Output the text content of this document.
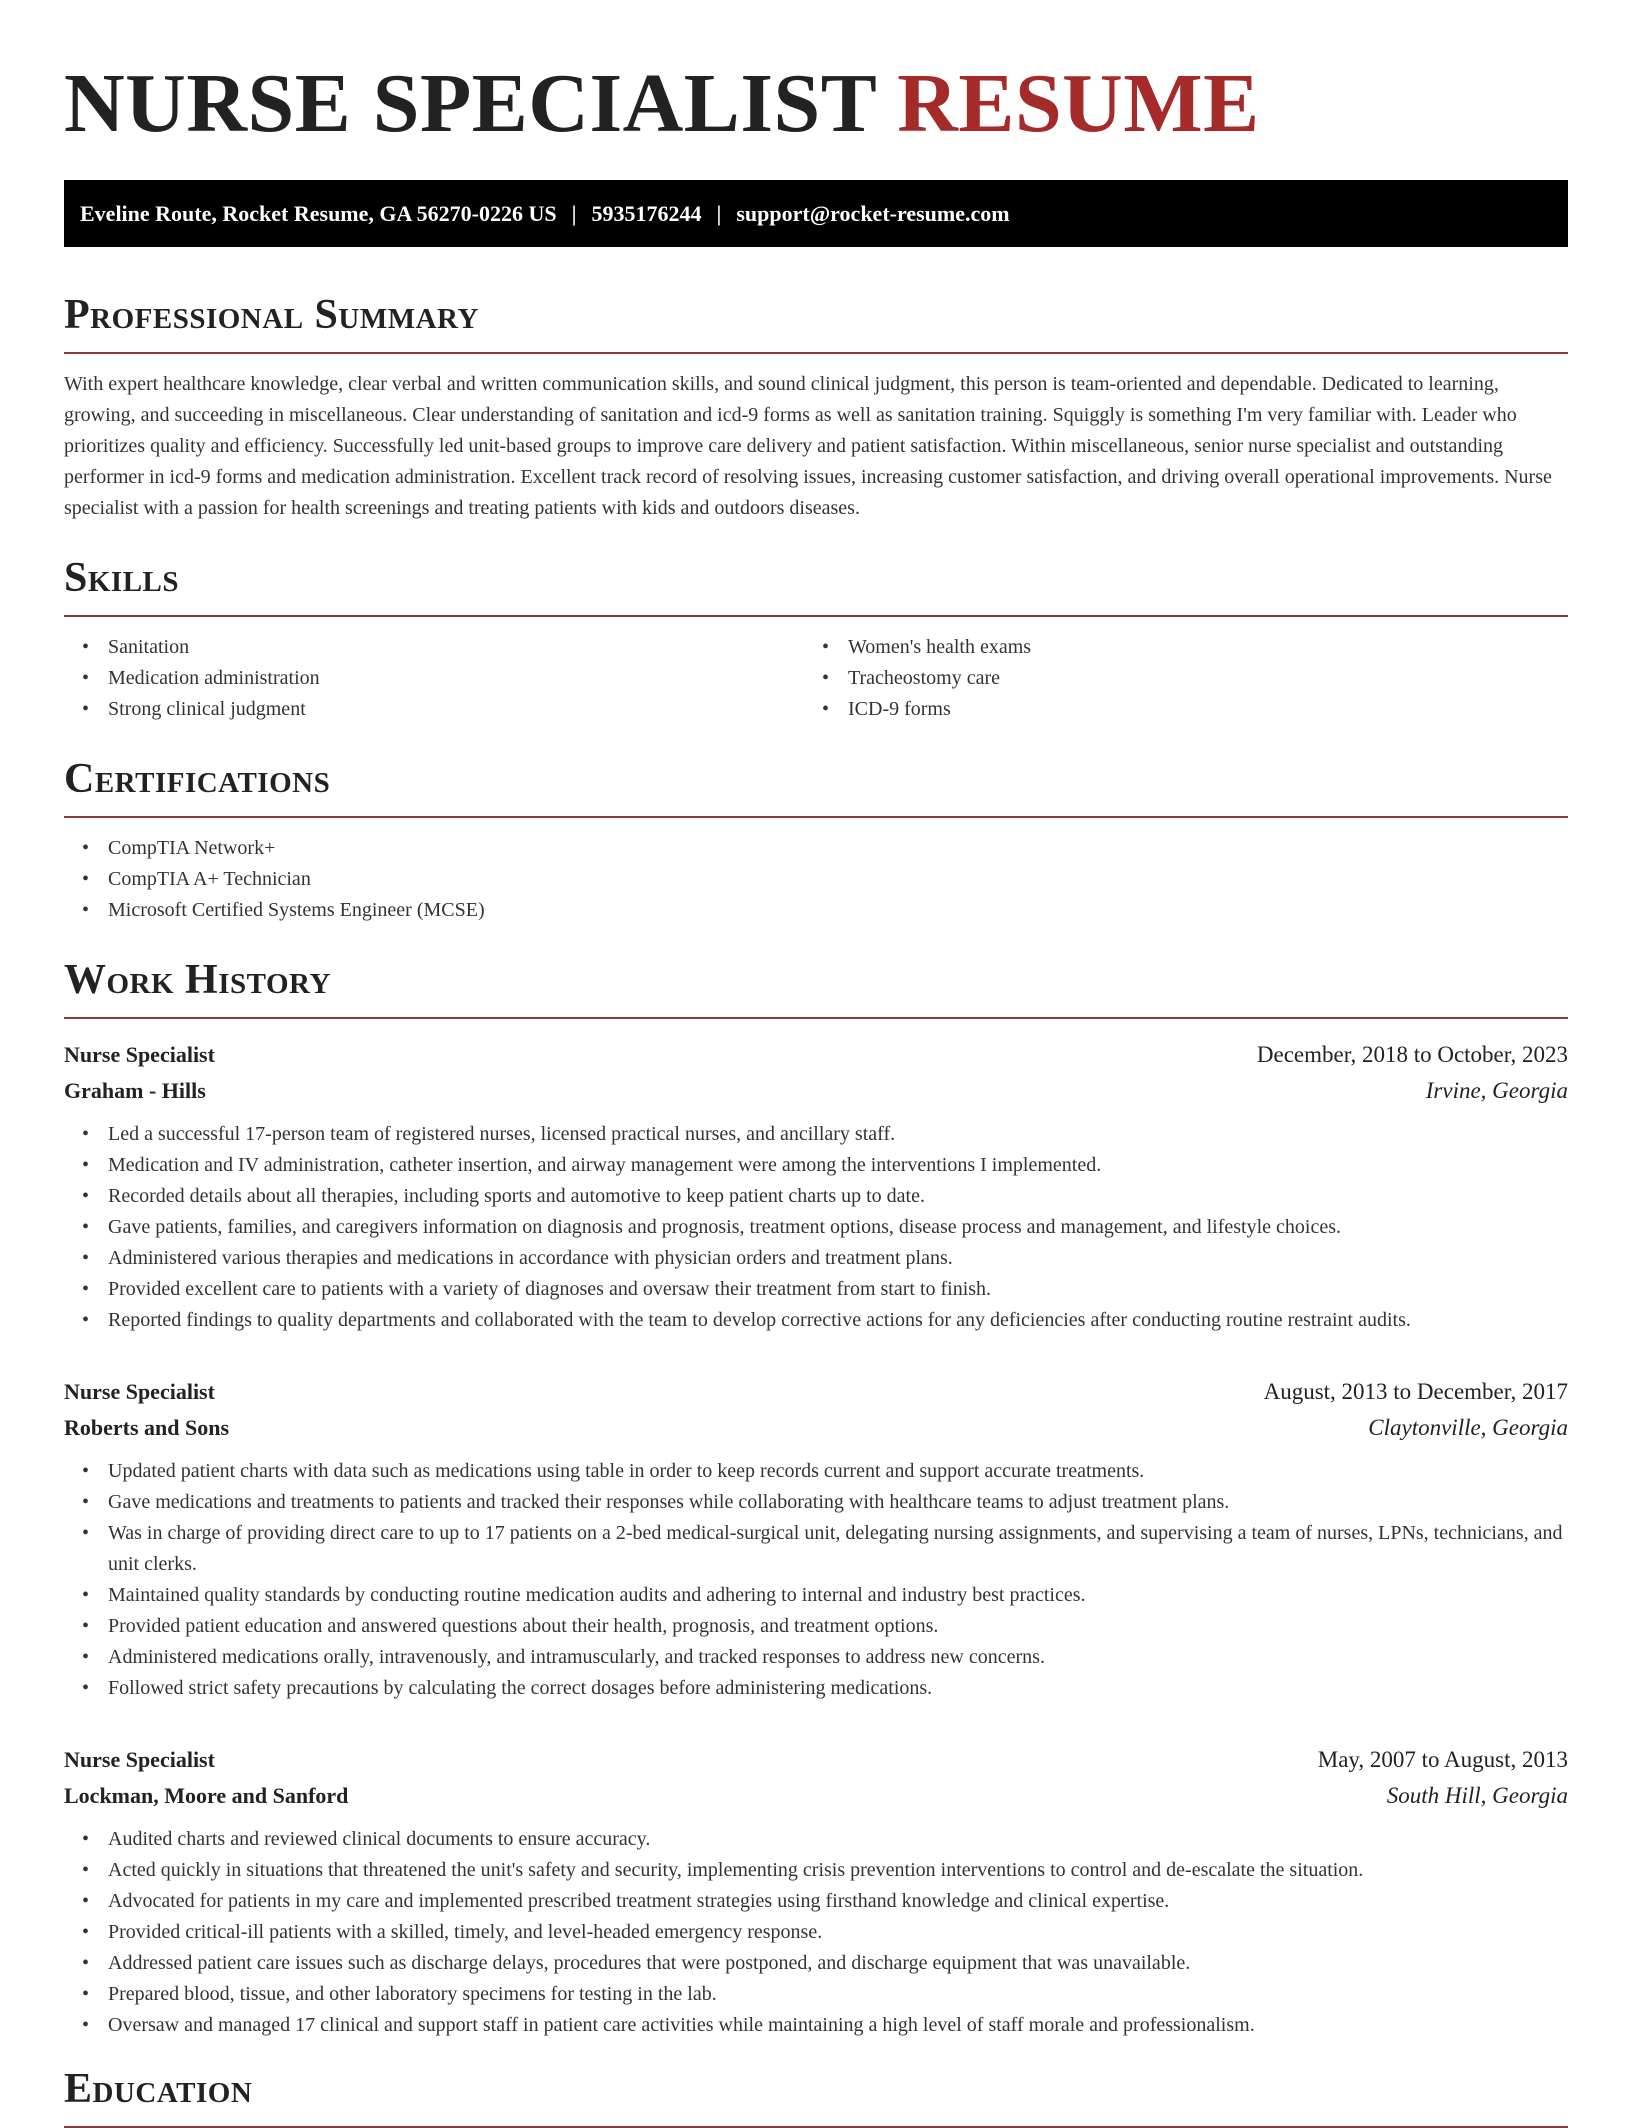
NURSE SPECIALIST RESUME
Eveline Route, Rocket Resume, GA 56270-0226 US | 5935176244 | support@rocket-resume.com
Professional Summary

With expert healthcare knowledge, clear verbal and written communication skills, and sound clinical judgment, this person is team-oriented and dependable. Dedicated to learning, growing, and succeeding in miscellaneous. Clear understanding of sanitation and icd-9 forms as well as sanitation training. Squiggly is something I'm very familiar with. Leader who prioritizes quality and efficiency. Successfully led unit-based groups to improve care delivery and patient satisfaction. Within miscellaneous, senior nurse specialist and outstanding performer in icd-9 forms and medication administration. Excellent track record of resolving issues, increasing customer satisfaction, and driving overall operational improvements. Nurse specialist with a passion for health screenings and treating patients with kids and outdoors diseases.

Skills
• Sanitation
• Medication administration
• Strong clinical judgment
• Women's health exams
• Tracheostomy care
• ICD-9 forms
Certifications
• CompTIA Network+
• CompTIA A+ Technician
• Microsoft Certified Systems Engineer (MCSE)
Work History
Nurse Specialist	December, 2018 to October, 2023
Graham - Hills	Irvine, Georgia
• Led a successful 17-person team of registered nurses, licensed practical nurses, and ancillary staff.
• Medication and IV administration, catheter insertion, and airway management were among the interventions I implemented.
• Recorded details about all therapies, including sports and automotive to keep patient charts up to date.
• Gave patients, families, and caregivers information on diagnosis and prognosis, treatment options, disease process and management, and lifestyle choices.
• Administered various therapies and medications in accordance with physician orders and treatment plans.
• Provided excellent care to patients with a variety of diagnoses and oversaw their treatment from start to finish.
• Reported findings to quality departments and collaborated with the team to develop corrective actions for any deficiencies after conducting routine restraint audits.
Nurse Specialist	August, 2013 to December, 2017
Roberts and Sons	Claytonville, Georgia
• Updated patient charts with data such as medications using table in order to keep records current and support accurate treatments.
• Gave medications and treatments to patients and tracked their responses while collaborating with healthcare teams to adjust treatment plans.
• Was in charge of providing direct care to up to 17 patients on a 2-bed medical-surgical unit, delegating nursing assignments, and supervising a team of nurses, LPNs, technicians, and unit clerks.
• Maintained quality standards by conducting routine medication audits and adhering to internal and industry best practices.
• Provided patient education and answered questions about their health, prognosis, and treatment options.
• Administered medications orally, intravenously, and intramuscularly, and tracked responses to address new concerns.
• Followed strict safety precautions by calculating the correct dosages before administering medications.
Nurse Specialist	May, 2007 to August, 2013
Lockman, Moore and Sanford	South Hill, Georgia
• Audited charts and reviewed clinical documents to ensure accuracy.
• Acted quickly in situations that threatened the unit's safety and security, implementing crisis prevention interventions to control and de-escalate the situation.
• Advocated for patients in my care and implemented prescribed treatment strategies using firsthand knowledge and clinical expertise.
• Provided critical-ill patients with a skilled, timely, and level-headed emergency response.
• Addressed patient care issues such as discharge delays, procedures that were postponed, and discharge equipment that was unavailable.
• Prepared blood, tissue, and other laboratory specimens for testing in the lab.
• Oversaw and managed 17 clinical and support staff in patient care activities while maintaining a high level of staff morale and professionalism.
Education
